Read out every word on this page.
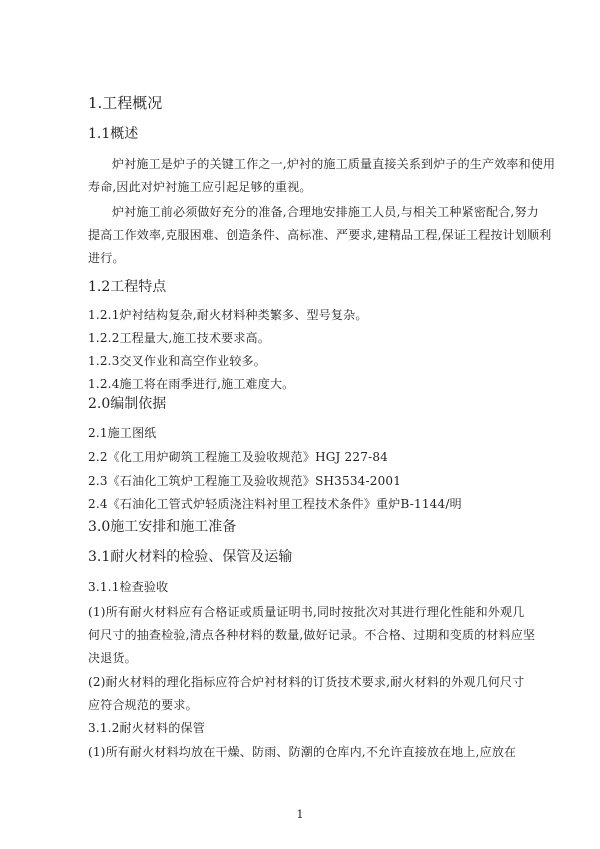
1.工程概况
1.1概述
炉衬施工是炉子的关键工作之一,炉衬的施工质量直接关系到炉子的生产效率和使用
寿命,因此对炉衬施工应引起足够的重视。
炉衬施工前必须做好充分的准备,合理地安排施工人员,与相关工种紧密配合,努力
提高工作效率,克服困难、创造条件、高标准、严要求,建精品工程,保证工程按计划顺利
进行。
1.2工程特点
1.2.1炉衬结构复杂,耐火材料种类繁多、型号复杂。
1.2.2工程量大,施工技术要求高。
1.2.3交叉作业和高空作业较多。
1.2.4施工将在雨季进行,施工难度大。
2.0编制依据
2.1施工图纸
2.2《化工用炉砌筑工程施工及验收规范》HGJ 227-84
2.3《石油化工筑炉工程施工及验收规范》SH3534-2001
2.4《石油化工管式炉轻质浇注料衬里工程技术条件》重炉B-1144/明
3.0施工安排和施工准备
3.1耐火材料的检验、保管及运输
3.1.1检查验收
(1)所有耐火材料应有合格证或质量证明书,同时按批次对其进行理化性能和外观几
何尺寸的抽查检验,清点各种材料的数量,做好记录。不合格、过期和变质的材料应坚
决退货。
(2)耐火材料的理化指标应符合炉衬材料的订货技术要求,耐火材料的外观几何尺寸
应符合规范的要求。
3.1.2耐火材料的保管
(1)所有耐火材料均放在干燥、防雨、防潮的仓库内,不允许直接放在地上,应放在
1
